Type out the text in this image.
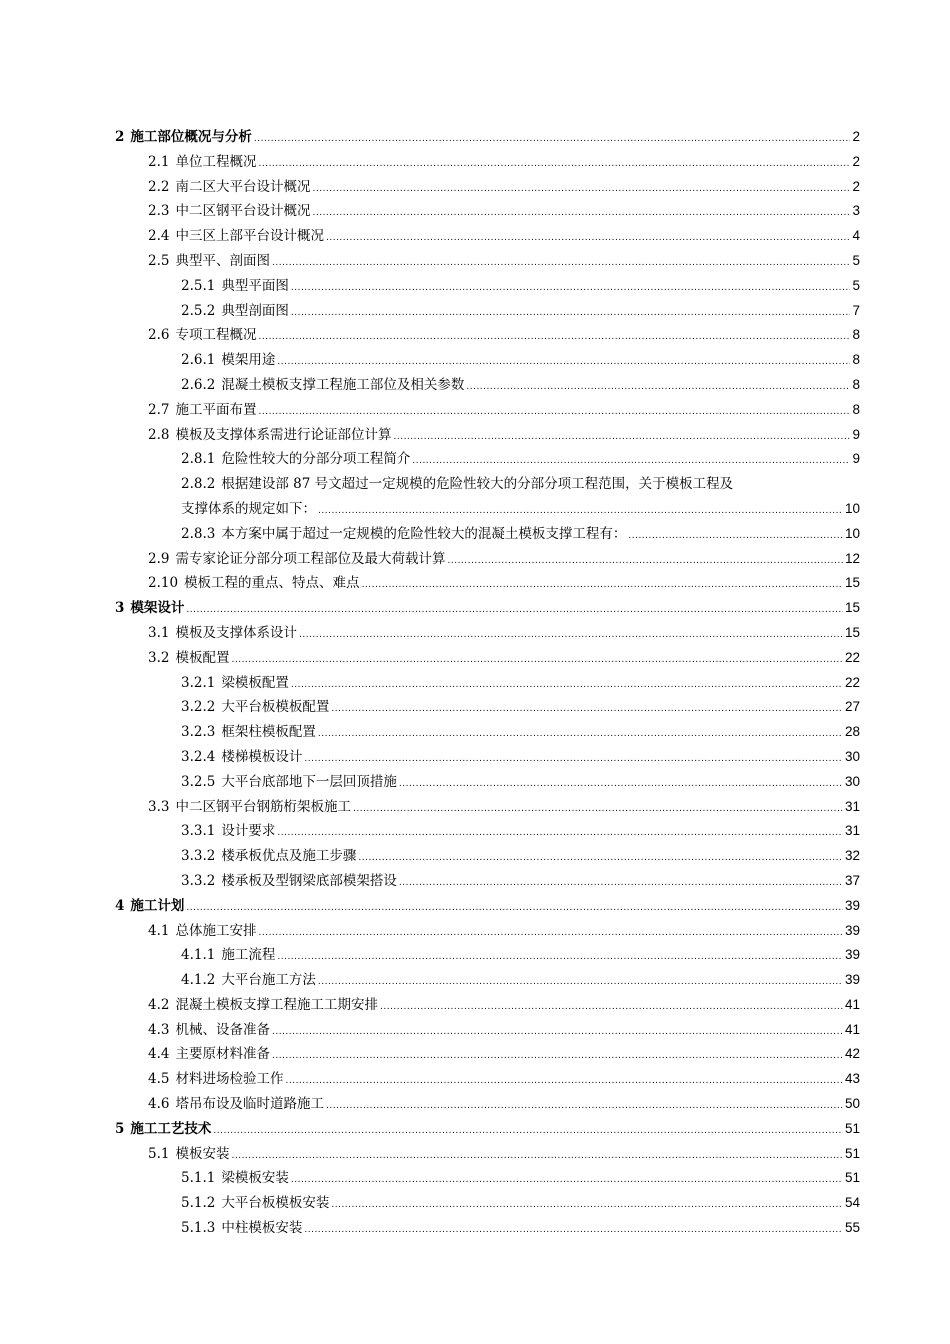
2 施工部位概况与分析 .....	2
2.1 单位工程概况 .....	2
2.2 南二区大平台设计概况 .....	2
2.3 中二区钢平台设计概况 .....	3
2.4 中三区上部平台设计概况 .....	4
2.5 典型平、剖面图 .....	5
2.5.1 典型平面图 .....	5
2.5.2 典型剖面图 .....	7
2.6 专项工程概况 .....	8
2.6.1 模架用途 .....	8
2.6.2 混凝土模板支撑工程施工部位及相关参数 .....	8
2.7 施工平面布置 .....	8
2.8 模板及支撑体系需进行论证部位计算 .....	9
2.8.1 危险性较大的分部分项工程简介 .....	9
2.8.2 根据建设部 87 号文超过一定规模的危险性较大的分部分项工程范围，关于模板工程及
支撑体系的规定如下： .....	10
2.8.3 本方案中属于超过一定规模的危险性较大的混凝土模板支撑工程有： .....	10
2.9 需专家论证分部分项工程部位及最大荷载计算 .....	12
2.10 模板工程的重点、特点、难点 .....	15
3 模架设计 .....	15
3.1 模板及支撑体系设计 .....	15
3.2 模板配置 .....	22
3.2.1 梁模板配置 .....	22
3.2.2 大平台板模板配置 .....	27
3.2.3 框架柱模板配置 .....	28
3.2.4 楼梯模板设计 .....	30
3.2.5 大平台底部地下一层回顶措施 .....	30
3.3 中二区钢平台钢筋桁架板施工 .....	31
3.3.1 设计要求 .....	31
3.3.2 楼承板优点及施工步骤 .....	32
3.3.2 楼承板及型钢梁底部模架搭设 .....	37
4 施工计划 .....	39
4.1 总体施工安排 .....	39
4.1.1 施工流程 .....	39
4.1.2 大平台施工方法 .....	39
4.2 混凝土模板支撑工程施工工期安排 .....	41
4.3 机械、设备准备 .....	41
4.4 主要原材料准备 .....	42
4.5 材料进场检验工作 .....	43
4.6 塔吊布设及临时道路施工 .....	50
5 施工工艺技术 .....	51
5.1 模板安装 .....	51
5.1.1 梁模板安装 .....	51
5.1.2 大平台板模板安装 .....	54
5.1.3 中柱模板安装 .....	55
